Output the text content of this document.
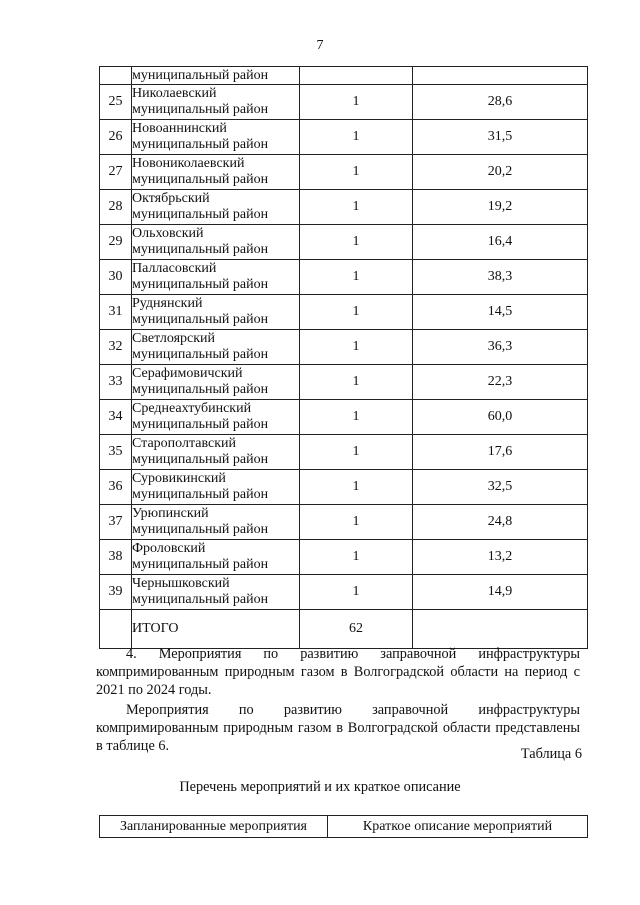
7
	муниципальный район		
25	Николаевский
муниципальный район	1	28,6
26	Новоаннинский
муниципальный район	1	31,5
27	Новониколаевский
муниципальный район	1	20,2
28	Октябрьский
муниципальный район	1	19,2
29	Ольховский
муниципальный район	1	16,4
30	Палласовский
муниципальный район	1	38,3
31	Руднянский
муниципальный район	1	14,5
32	Светлоярский
муниципальный район	1	36,3
33	Серафимовичский
муниципальный район	1	22,3
34	Среднеахтубинский
муниципальный район	1	60,0
35	Старополтавский
муниципальный район	1	17,6
36	Суровикинский
муниципальный район	1	32,5
37	Урюпинский
муниципальный район	1	24,8
38	Фроловский
муниципальный район	1	13,2
39	Чернышковский
муниципальный район	1	14,9
	ИТОГО	62	
4. Мероприятия по развитию заправочной инфраструктуры компримированным природным газом в Волгоградской области на период с 2021 по 2024 годы.
Мероприятия по развитию заправочной инфраструктуры компримированным природным газом в Волгоградской области представлены в таблице 6.	Таблица 6
Перечень мероприятий и их краткое описание
Запланированные мероприятия	Краткое описание мероприятий
